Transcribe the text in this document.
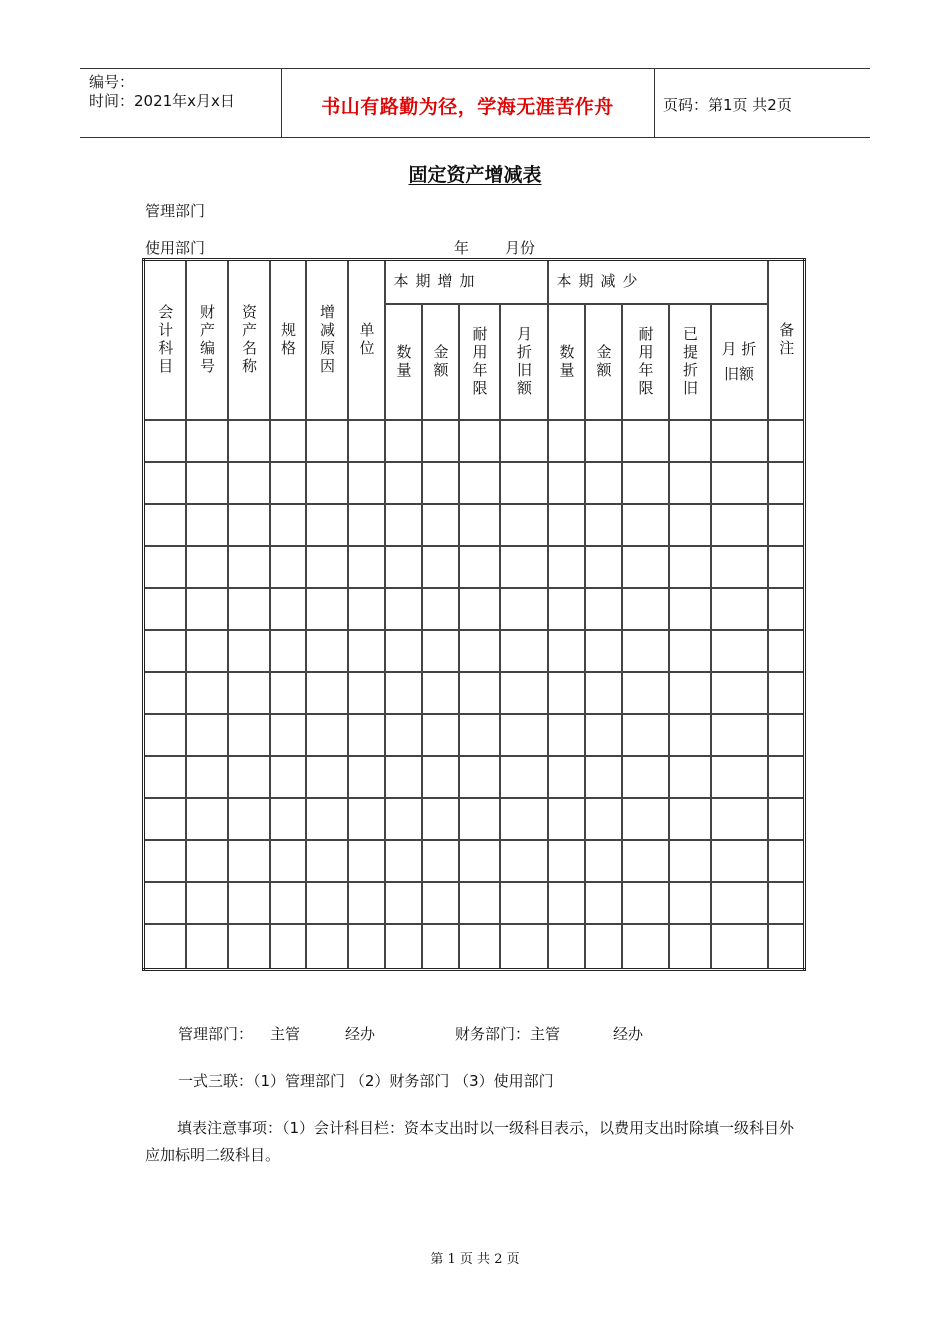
编号：
时间：2021年x月x日	书山有路勤为径，学海无涯苦作舟	页码：第1页 共2页
固定资产增减表
管理部门
使用部门	年 月份
会计科目	财产编号	资产名称	规格	增减原因	单位	本期增加				本期减少					备注
						数量	金额	耐用年限	月折旧额	数量	金额	耐用年限	已提折旧	月 折旧额	

管理部门： 主管	经办	财务部门：主管	经办
一式三联：（1）管理部门 （2）财务部门 （3）使用部门
填表注意事项：（1）会计科目栏：资本支出时以一级科目表示，以费用支出时除填一级科目外应加标明二级科目。
第 1 页 共 2 页
